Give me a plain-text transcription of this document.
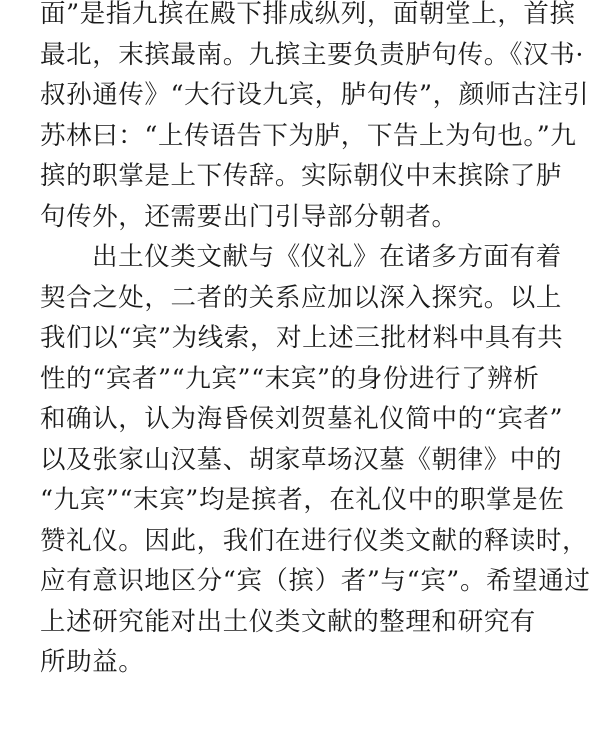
面”是指九摈在殿下排成纵列，面朝堂上，首摈
最北，末摈最南。九摈主要负责胪句传。《汉书·
叔孙通传》“大行设九宾，胪句传”，颜师古注引
苏林曰：“上传语告下为胪，下告上为句也。”九
摈的职掌是上下传辞。实际朝仪中末摈除了胪
句传外，还需要出门引导部分朝者。
出土仪类文献与《仪礼》在诸多方面有着
契合之处，二者的关系应加以深入探究。以上
我们以“宾”为线索，对上述三批材料中具有共
性的“宾者”“九宾”“末宾”的身份进行了辨析
和确认，认为海昏侯刘贺墓礼仪简中的“宾者”
以及张家山汉墓、胡家草场汉墓《朝律》中的
“九宾”“末宾”均是摈者，在礼仪中的职掌是佐
赞礼仪。因此，我们在进行仪类文献的释读时，
应有意识地区分“宾（摈）者”与“宾”。希望通过
上述研究能对出土仪类文献的整理和研究有
所助益。
